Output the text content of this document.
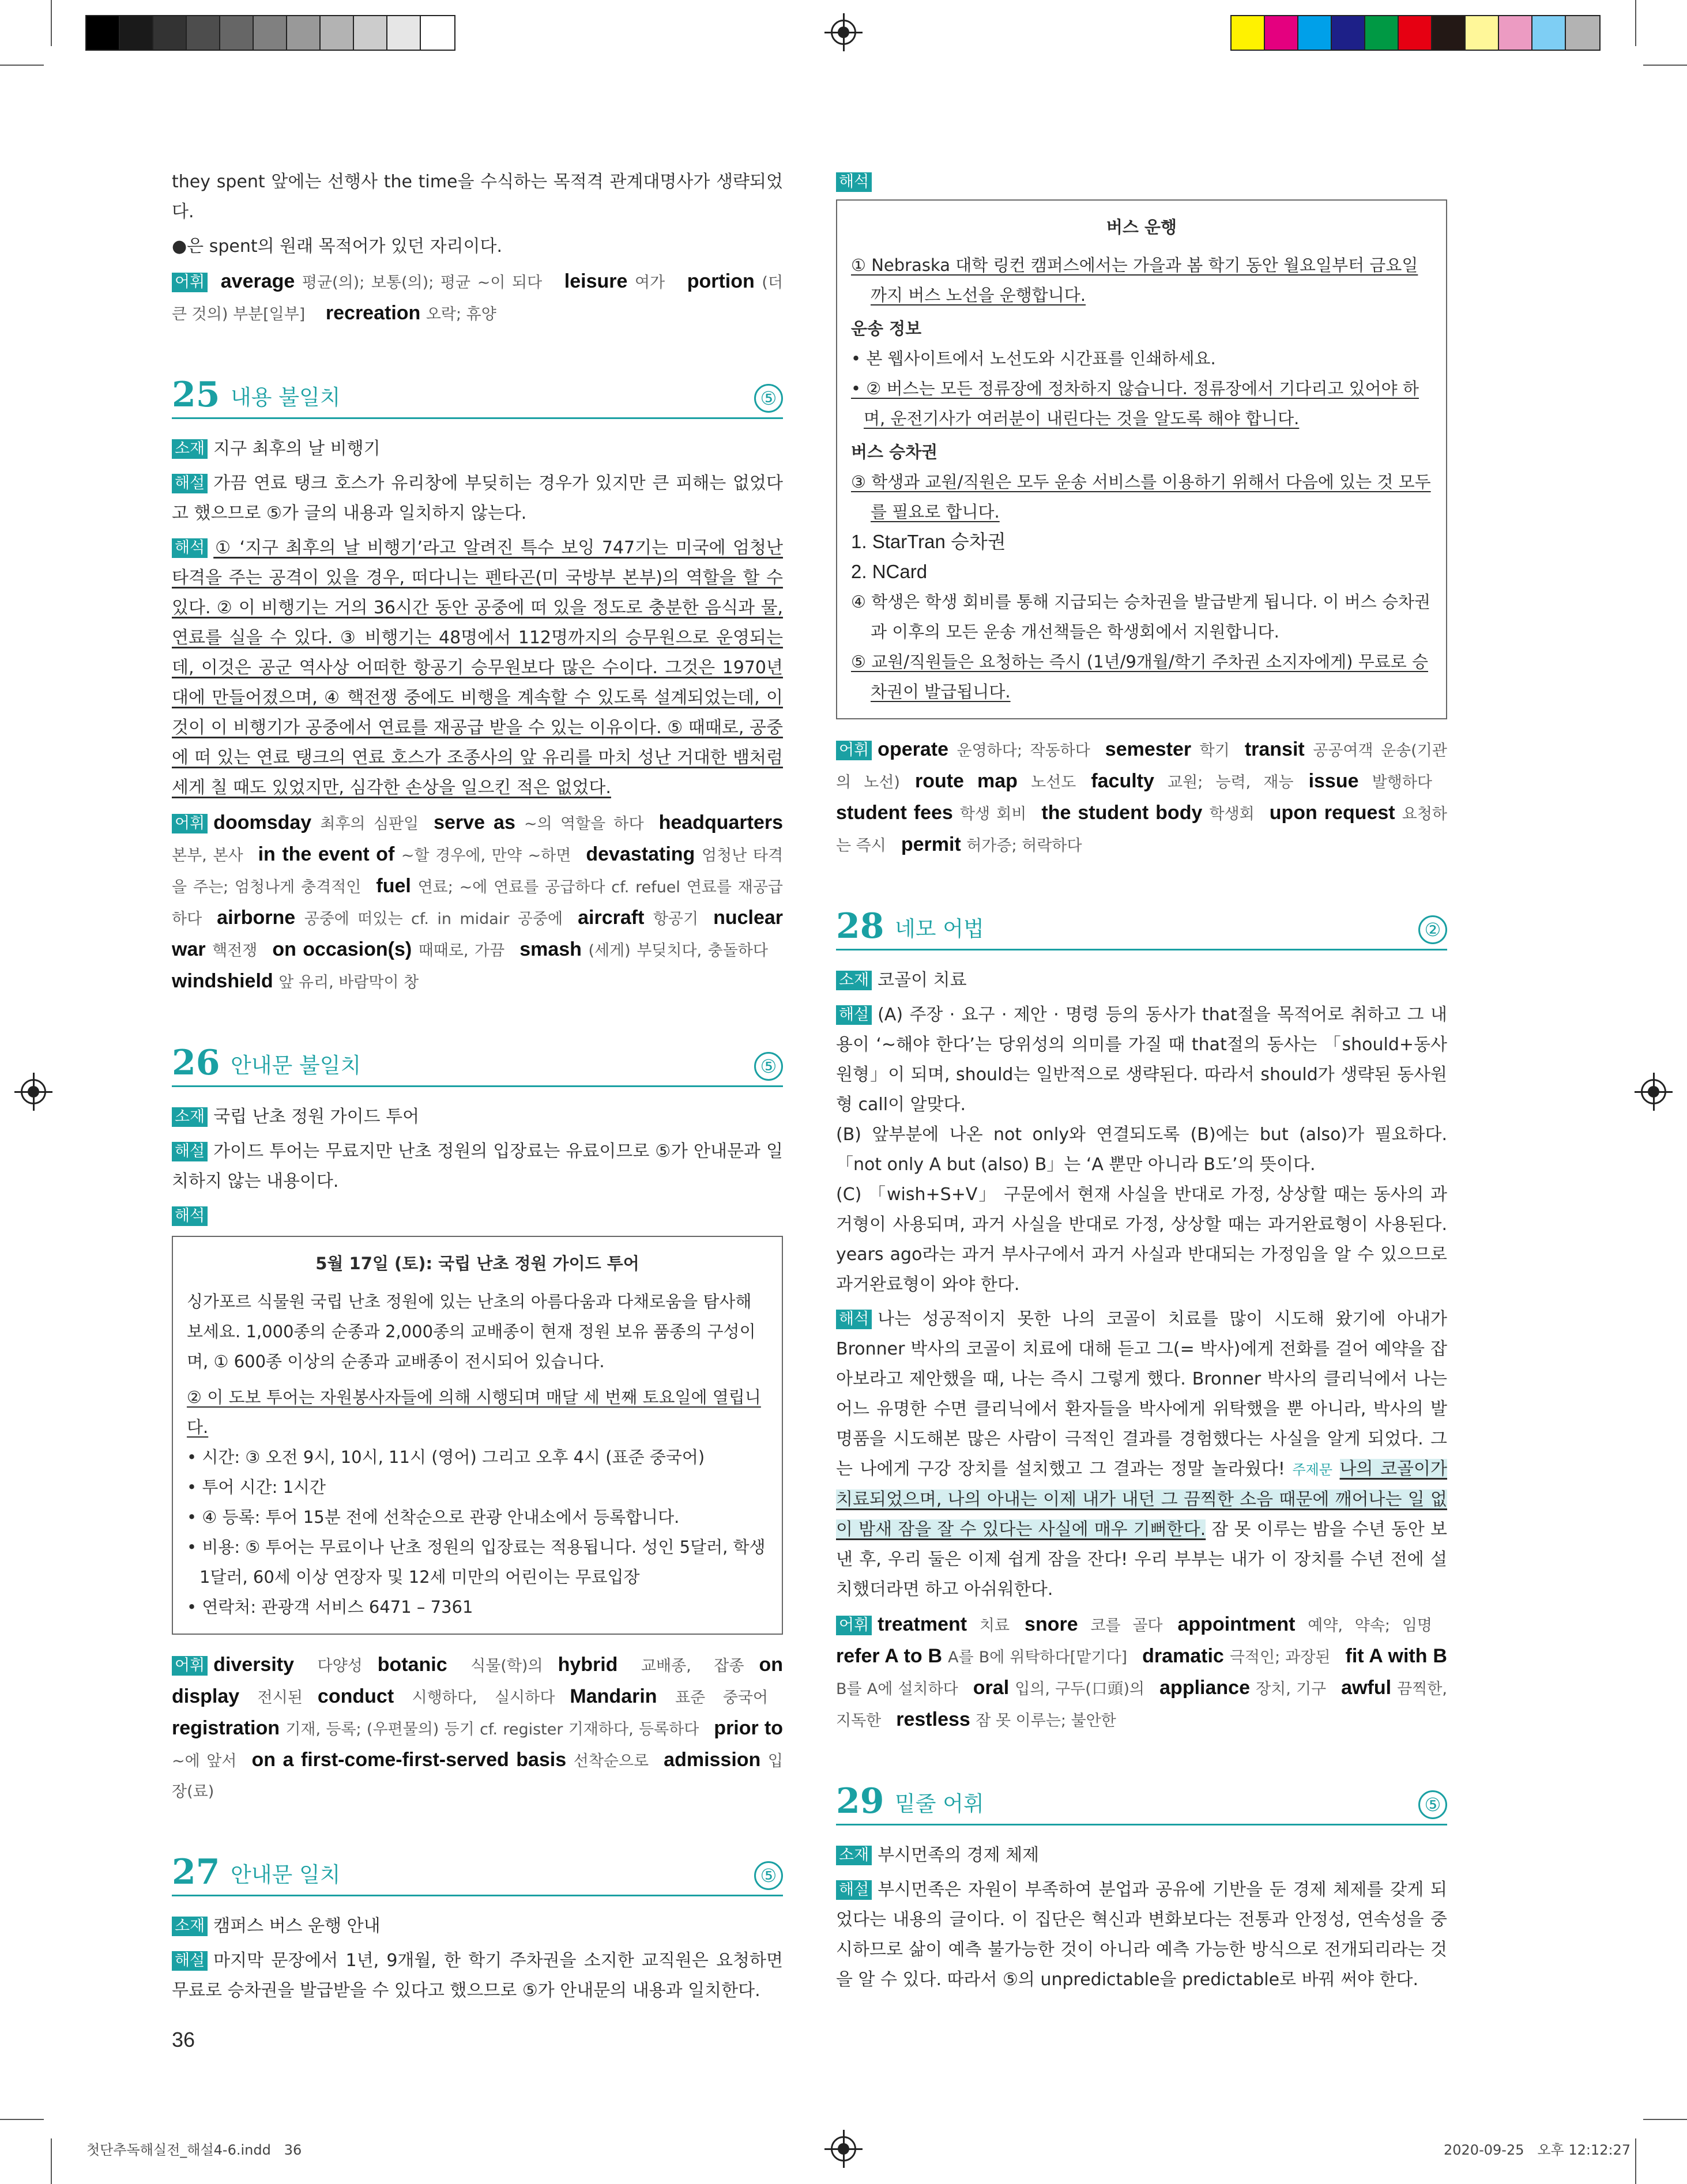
they spent 앞에는 선행사 the time을 수식하는 목적격 관계대명사가 생략되었다.

●은 spent의 원래 목적어가 있던 자리이다.

어휘 average 평균(의); 보통(의); 평균 ~이 되다 leisure 여가 portion (더 큰 것의) 부분[일부] recreation 오락; 휴양

25 내용 불일치	⑤

소재 지구 최후의 날 비행기

해설 가끔 연료 탱크 호스가 유리창에 부딪히는 경우가 있지만 큰 피해는 없었다고 했으므로 ⑤가 글의 내용과 일치하지 않는다.

해석 ① ‘지구 최후의 날 비행기’라고 알려진 특수 보잉 747기는 미국에 엄청난 타격을 주는 공격이 있을 경우, 떠다니는 펜타곤(미 국방부 본부)의 역할을 할 수 있다. ② 이 비행기는 거의 36시간 동안 공중에 떠 있을 정도로 충분한 음식과 물, 연료를 실을 수 있다. ③ 비행기는 48명에서 112명까지의 승무원으로 운영되는데, 이것은 공군 역사상 어떠한 항공기 승무원보다 많은 수이다. 그것은 1970년대에 만들어졌으며, ④ 핵전쟁 중에도 비행을 계속할 수 있도록 설계되었는데, 이것이 이 비행기가 공중에서 연료를 재공급 받을 수 있는 이유이다. ⑤ 때때로, 공중에 떠 있는 연료 탱크의 연료 호스가 조종사의 앞 유리를 마치 성난 거대한 뱀처럼 세게 칠 때도 있었지만, 심각한 손상을 일으킨 적은 없었다.

어휘 doomsday 최후의 심판일 serve as ~의 역할을 하다 headquarters 본부, 본사 in the event of ~할 경우에, 만약 ~하면 devastating 엄청난 타격을 주는; 엄청나게 충격적인 fuel 연료; ~에 연료를 공급하다 cf. refuel 연료를 재공급하다 airborne 공중에 떠있는 cf. in midair 공중에 aircraft 항공기 nuclear war 핵전쟁 on occasion(s) 때때로, 가끔 smash (세게) 부딪치다, 충돌하다windshield 앞 유리, 바람막이 창

26 안내문 불일치	⑤

소재 국립 난초 정원 가이드 투어

해설 가이드 투어는 무료지만 난초 정원의 입장료는 유료이므로 ⑤가 안내문과 일치하지 않는 내용이다.

해석

5월 17일 (토): 국립 난초 정원 가이드 투어
싱가포르 식물원 국립 난초 정원에 있는 난초의 아름다움과 다채로움을 탐사해 보세요. 1,000종의 순종과 2,000종의 교배종이 현재 정원 보유 품종의 구성이며, ① 600종 이상의 순종과 교배종이 전시되어 있습니다.
② 이 도보 투어는 자원봉사자들에 의해 시행되며 매달 세 번째 토요일에 열립니다.
• 시간: ③ 오전 9시, 10시, 11시 (영어) 그리고 오후 4시 (표준 중국어)
• 투어 시간: 1시간
• ④ 등록: 투어 15분 전에 선착순으로 관광 안내소에서 등록합니다.
• 비용: ⑤ 투어는 무료이나 난초 정원의 입장료는 적용됩니다. 성인 5달러, 학생 1달러, 60세 이상 연장자 및 12세 미만의 어린이는 무료입장
• 연락처: 관광객 서비스 6471 – 7361

어휘 diversity 다양성 botanic 식물(학)의 hybrid 교배종, 잡종 on display 전시된 conduct 시행하다, 실시하다 Mandarin 표준 중국어registration 기재, 등록; (우편물의) 등기 cf. register 기재하다, 등록하다 prior to ~에 앞서 on a first-come-first-served basis 선착순으로 admission 입장(료)

27 안내문 일치	⑤

소재 캠퍼스 버스 운행 안내

해설 마지막 문장에서 1년, 9개월, 한 학기 주차권을 소지한 교직원은 요청하면 무료로 승차권을 발급받을 수 있다고 했으므로 ⑤가 안내문의 내용과 일치한다.

해석

버스 운행
① Nebraska 대학 링컨 캠퍼스에서는 가을과 봄 학기 동안 월요일부터 금요일까지 버스 노선을 운행합니다.
운송 정보
• 본 웹사이트에서 노선도와 시간표를 인쇄하세요.
• ② 버스는 모든 정류장에 정차하지 않습니다. 정류장에서 기다리고 있어야 하며, 운전기사가 여러분이 내린다는 것을 알도록 해야 합니다.
버스 승차권
③ 학생과 교원/직원은 모두 운송 서비스를 이용하기 위해서 다음에 있는 것 모두를 필요로 합니다.
1. StarTran 승차권
2. NCard
④ 학생은 학생 회비를 통해 지급되는 승차권을 발급받게 됩니다. 이 버스 승차권과 이후의 모든 운송 개선책들은 학생회에서 지원합니다.
⑤ 교원/직원들은 요청하는 즉시 (1년/9개월/학기 주차권 소지자에게) 무료로 승차권이 발급됩니다.

어휘 operate 운영하다; 작동하다 semester 학기 transit 공공여객 운송(기관의 노선) route map 노선도 faculty 교원; 능력, 재능 issue 발행하다student fees 학생 회비 the student body 학생회 upon request 요청하는 즉시 permit 허가증; 허락하다

28 네모 어법	②

소재 코골이 치료

해설 (A) 주장 · 요구 · 제안 · 명령 등의 동사가 that절을 목적어로 취하고 그 내용이 ‘~해야 한다’는 당위성의 의미를 가질 때 that절의 동사는 「should+동사원형」이 되며, should는 일반적으로 생략된다. 따라서 should가 생략된 동사원형 call이 알맞다.

(B) 앞부분에 나온 not only와 연결되도록 (B)에는 but (also)가 필요하다. 「not only A but (also) B」는 ‘A 뿐만 아니라 B도’의 뜻이다.

(C) 「wish+S+V」 구문에서 현재 사실을 반대로 가정, 상상할 때는 동사의 과거형이 사용되며, 과거 사실을 반대로 가정, 상상할 때는 과거완료형이 사용된다. years ago라는 과거 부사구에서 과거 사실과 반대되는 가정임을 알 수 있으므로 과거완료형이 와야 한다.

해석 나는 성공적이지 못한 나의 코골이 치료를 많이 시도해 왔기에 아내가 Bronner 박사의 코골이 치료에 대해 듣고 그(= 박사)에게 전화를 걸어 예약을 잡아보라고 제안했을 때, 나는 즉시 그렇게 했다. Bronner 박사의 클리닉에서 나는 어느 유명한 수면 클리닉에서 환자들을 박사에게 위탁했을 뿐 아니라, 박사의 발명품을 시도해본 많은 사람이 극적인 결과를 경험했다는 사실을 알게 되었다. 그는 나에게 구강 장치를 설치했고 그 결과는 정말 놀라웠다! 주제문 나의 코골이가 치료되었으며, 나의 아내는 이제 내가 내던 그 끔찍한 소음 때문에 깨어나는 일 없이 밤새 잠을 잘 수 있다는 사실에 매우 기뻐한다. 잠 못 이루는 밤을 수년 동안 보낸 후, 우리 둘은 이제 쉽게 잠을 잔다! 우리 부부는 내가 이 장치를 수년 전에 설치했더라면 하고 아쉬워한다.

어휘 treatment 치료 snore 코를 골다 appointment 예약, 약속; 임명refer A to B A를 B에 위탁하다[맡기다] dramatic 극적인; 과장된 fit A with B B를 A에 설치하다 oral 입의, 구두(口頭)의 appliance 장치, 기구 awful 끔찍한, 지독한 restless 잠 못 이루는; 불안한

29 밑줄 어휘	⑤

소재 부시먼족의 경제 체제

해설 부시먼족은 자원이 부족하여 분업과 공유에 기반을 둔 경제 체제를 갖게 되었다는 내용의 글이다. 이 집단은 혁신과 변화보다는 전통과 안정성, 연속성을 중시하므로 삶이 예측 불가능한 것이 아니라 예측 가능한 방식으로 전개되리라는 것을 알 수 있다. 따라서 ⑤의 unpredictable을 predictable로 바꿔 써야 한다.

36
첫단추독해실전_해설4-6.indd   36	2020-09-25   오후 12:12:27
